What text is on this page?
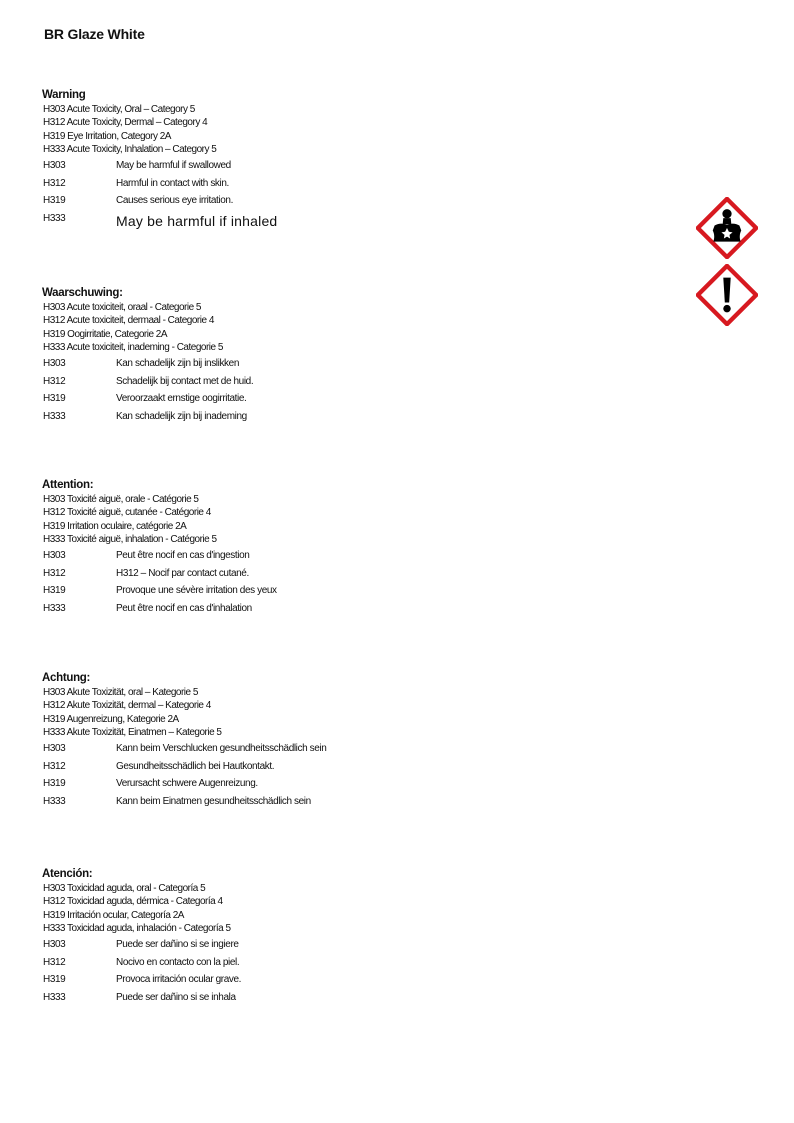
BR Glaze White
Warning
H303 Acute Toxicity, Oral – Category 5
H312 Acute Toxicity, Dermal – Category 4
H319 Eye Irritation, Category 2A
H333 Acute Toxicity, Inhalation – Category 5
H303	May be harmful if swallowed
H312	Harmful in contact with skin.
H319	Causes serious eye irritation.
H333	May be harmful if inhaled
Waarschuwing:
H303 Acute toxiciteit, oraal - Categorie 5
H312 Acute toxiciteit, dermaal - Categorie 4
H319 Oogirritatie, Categorie 2A
H333 Acute toxiciteit, inademing - Categorie 5
H303	Kan schadelijk zijn bij inslikken
H312	Schadelijk bij contact met de huid.
H319	Veroorzaakt ernstige oogirritatie.
H333	Kan schadelijk zijn bij inademing
Attention:
H303 Toxicité aiguë, orale - Catégorie 5
H312 Toxicité aiguë, cutanée - Catégorie 4
H319 Irritation oculaire, catégorie 2A
H333 Toxicité aiguë, inhalation - Catégorie 5
H303	Peut être nocif en cas d'ingestion
H312	H312 – Nocif par contact cutané.
H319	Provoque une sévère irritation des yeux
H333	Peut être nocif en cas d'inhalation
Achtung:
H303 Akute Toxizität, oral – Kategorie 5
H312 Akute Toxizität, dermal – Kategorie 4
H319 Augenreizung, Kategorie 2A
H333 Akute Toxizität, Einatmen – Kategorie 5
H303	Kann beim Verschlucken gesundheitsschädlich sein
H312	Gesundheitsschädlich bei Hautkontakt.
H319	Verursacht schwere Augenreizung.
H333	Kann beim Einatmen gesundheitsschädlich sein
Atención:
H303 Toxicidad aguda, oral - Categoría 5
H312 Toxicidad aguda, dérmica - Categoría 4
H319 Irritación ocular, Categoría 2A
H333 Toxicidad aguda, inhalación - Categoría 5
H303	Puede ser dañino si se ingiere
H312	Nocivo en contacto con la piel.
H319	Provoca irritación ocular grave.
H333	Puede ser dañino si se inhala
